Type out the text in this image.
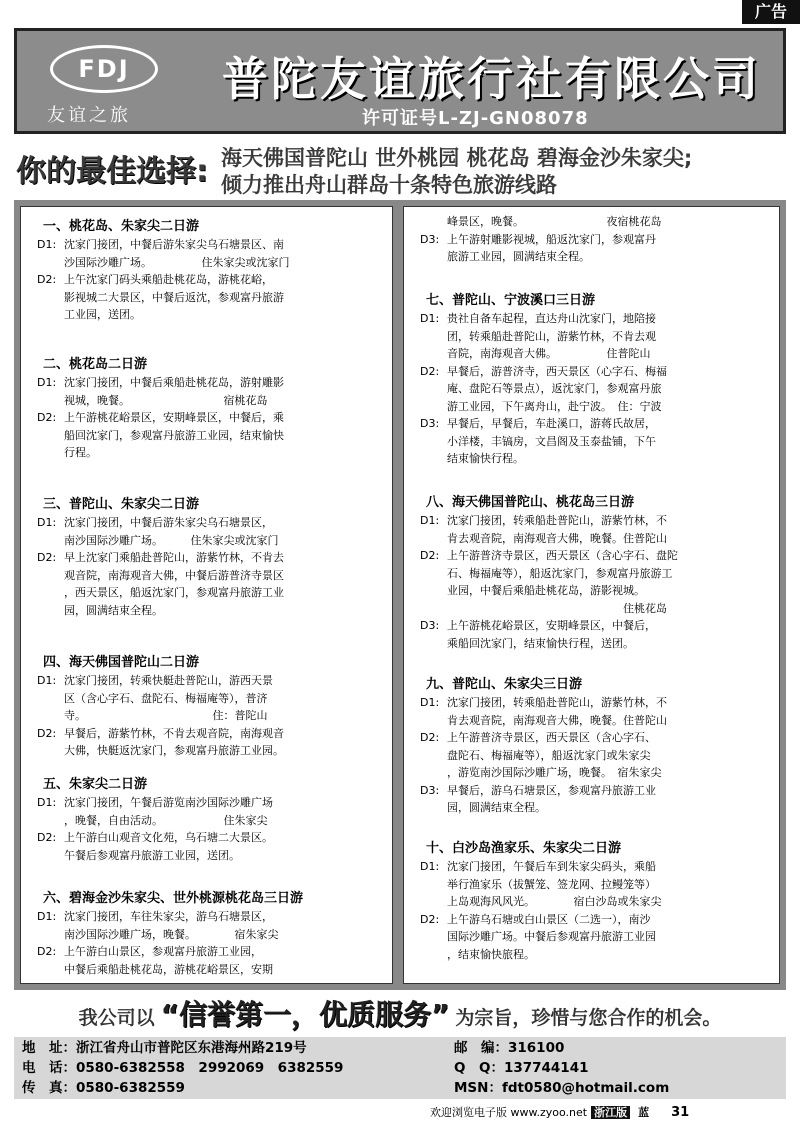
广告
FDJ
友谊之旅
普陀友谊旅行社有限公司
许可证号L-ZJ-GN08078
你的最佳选择: 海天佛国普陀山 世外桃园 桃花岛 碧海金沙朱家尖;
倾力推出舟山群岛十条特色旅游线路
一、桃花岛、朱家尖二日游
D1: 沈家门接团，中餐后游朱家尖乌石塘景区、南
沙国际沙雕广场。　　　　　住朱家尖或沈家门
D2: 上午沈家门码头乘船赴桃花岛，游桃花峪，
影视城二大景区，中餐后返沈，参观富丹旅游
工业园，送团。
二、桃花岛二日游
D1: 沈家门接团，中餐后乘船赴桃花岛，游射雕影
视城，晚餐。　　　　　　　　　宿桃花岛
D2: 上午游桃花峪景区，安期峰景区，中餐后，乘
船回沈家门，参观富丹旅游工业园，结束愉快
行程。
三、普陀山、朱家尖二日游
D1: 沈家门接团，中餐后游朱家尖乌石塘景区，
南沙国际沙雕广场。　　　住朱家尖或沈家门
D2: 早上沈家门乘船赴普陀山，游紫竹林，不肯去
观音院，南海观音大佛，中餐后游普济寺景区
，西天景区，船返沈家门，参观富丹旅游工业
园，圆满结束全程。
四、海天佛国普陀山二日游
D1: 沈家门接团，转乘快艇赴普陀山，游西天景
区（含心字石、盘陀石、梅福庵等），普济
寺。　　　　　　　　　　　　住：普陀山
D2: 早餐后，游紫竹林，不肯去观音院，南海观音
大佛，快艇返沈家门，参观富丹旅游工业园。
五、朱家尖二日游
D1: 沈家门接团，午餐后游览南沙国际沙雕广场
，晚餐，自由活动。　　　　　　住朱家尖
D2: 上午游白山观音文化苑，乌石塘二大景区。
午餐后参观富丹旅游工业园，送团。
六、碧海金沙朱家尖、世外桃源桃花岛三日游
D1: 沈家门接团，车往朱家尖，游乌石塘景区，
南沙国际沙雕广场，晚餐。　　　　宿朱家尖
D2: 上午游白山景区，参观富丹旅游工业园，
中餐后乘船赴桃花岛，游桃花峪景区，安期
峰景区，晚餐。　　　　　　　　夜宿桃花岛
D3: 上午游射雕影视城，船返沈家门，参观富丹
旅游工业园，圆满结束全程。
七、普陀山、宁波溪口三日游
D1: 贵社自备车起程，直达舟山沈家门，地陪接
团，转乘船赴普陀山，游紫竹林，不肯去观
音院，南海观音大佛。　　　　　住普陀山
D2: 早餐后，游普济寺，西天景区（心字石、梅福
庵、盘陀石等景点），返沈家门，参观富丹旅
游工业园，下午离舟山，赴宁波。　住：宁波
D3: 早餐后，早餐后，车赴溪口，游蒋氏故居，
小洋楼，丰镐房，文昌阁及玉泰盐铺，下午
结束愉快行程。
八、海天佛国普陀山、桃花岛三日游
D1: 沈家门接团，转乘船赴普陀山，游紫竹林，不
肯去观音院，南海观音大佛，晚餐。住普陀山
D2: 上午游普济寺景区，西天景区（含心字石、盘陀
石、梅福庵等），船返沈家门，参观富丹旅游工
业园，中餐后乘船赴桃花岛，游影视城。
　　　　　　　　　　　　　　　　住桃花岛
D3: 上午游桃花峪景区，安期峰景区，中餐后，
乘船回沈家门，结束愉快行程，送团。
九、普陀山、朱家尖三日游
D1: 沈家门接团，转乘船赴普陀山，游紫竹林，不
肯去观音院，南海观音大佛，晚餐。住普陀山
D2: 上午游普济寺景区，西天景区（含心字石、
盘陀石、梅福庵等），船返沈家门或朱家尖
，游览南沙国际沙雕广场，晚餐。　宿朱家尖
D3: 早餐后，游乌石塘景区，参观富丹旅游工业
园，圆满结束全程。
十、白沙岛渔家乐、朱家尖二日游
D1: 沈家门接团，午餐后车到朱家尖码头，乘船
举行渔家乐（拔蟹笼、签龙网、拉鳗笼等）
上岛观海风风光。　　　　宿白沙岛或朱家尖
D2: 上午游乌石塘或白山景区（二选一），南沙
国际沙雕广场。中餐后参观富丹旅游工业园
，结束愉快旅程。
我公司以 “信誉第一，优质服务” 为宗旨，珍惜与您合作的机会。
地　址：浙江省舟山市普陀区东港海州路219号
电　话：0580-6382558　2992069　6382559
传　真：0580-6382559
邮　编：316100
Q　Q：137744141
MSN：fdt0580@hotmail.com
欢迎浏览电子版 www.zyoo.net 浙江版 蓝 31
